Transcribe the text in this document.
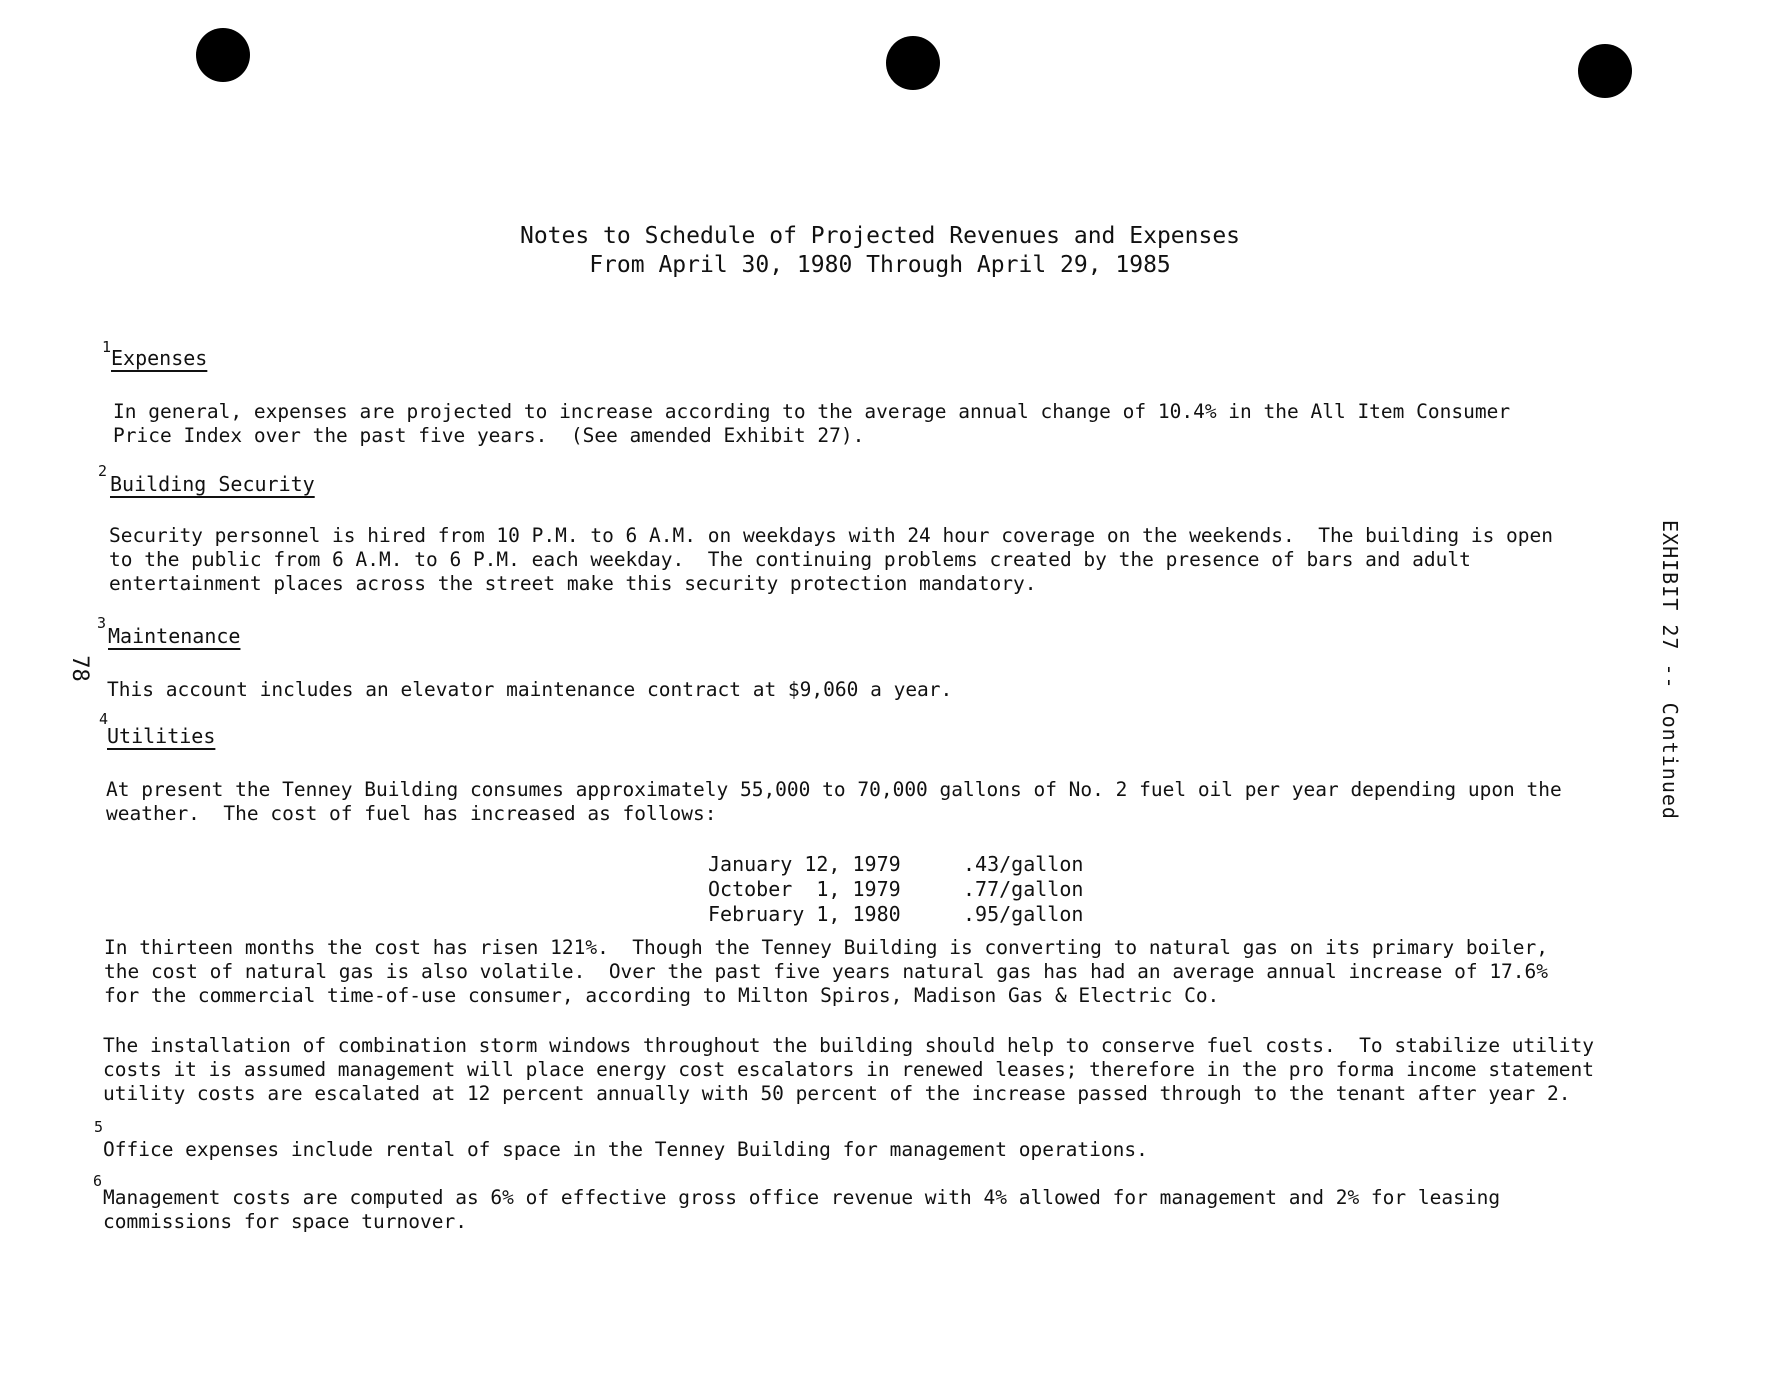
Notes to Schedule of Projected Revenues and Expenses
From April 30, 1980 Through April 29, 1985
1 Expenses
In general, expenses are projected to increase according to the average annual change of 10.4% in the All Item Consumer
Price Index over the past five years.  (See amended Exhibit 27).
2
Building Security
Security personnel is hired from 10 P.M. to 6 A.M. on weekdays with 24 hour coverage on the weekends.  The building is open
to the public from 6 A.M. to 6 P.M. each weekday.  The continuing problems created by the presence of bars and adult
entertainment places across the street make this security protection mandatory.
3
Maintenance
This account includes an elevator maintenance contract at $9,060 a year.
78
4
Utilities
At present the Tenney Building consumes approximately 55,000 to 70,000 gallons of No. 2 fuel oil per year depending upon the
weather.  The cost of fuel has increased as follows:
January 12, 1979	.43/gallon
October  1, 1979	.77/gallon
February 1, 1980	.95/gallon
In thirteen months the cost has risen 121%.  Though the Tenney Building is converting to natural gas on its primary boiler,
the cost of natural gas is also volatile.  Over the past five years natural gas has had an average annual increase of 17.6%
for the commercial time-of-use consumer, according to Milton Spiros, Madison Gas & Electric Co.
The installation of combination storm windows throughout the building should help to conserve fuel costs.  To stabilize utility
costs it is assumed management will place energy cost escalators in renewed leases; therefore in the pro forma income statement
utility costs are escalated at 12 percent annually with 50 percent of the increase passed through to the tenant after year 2.
5
Office expenses include rental of space in the Tenney Building for management operations.
6
Management costs are computed as 6% of effective gross office revenue with 4% allowed for management and 2% for leasing
commissions for space turnover.
EXHIBIT 27 -- Continued
